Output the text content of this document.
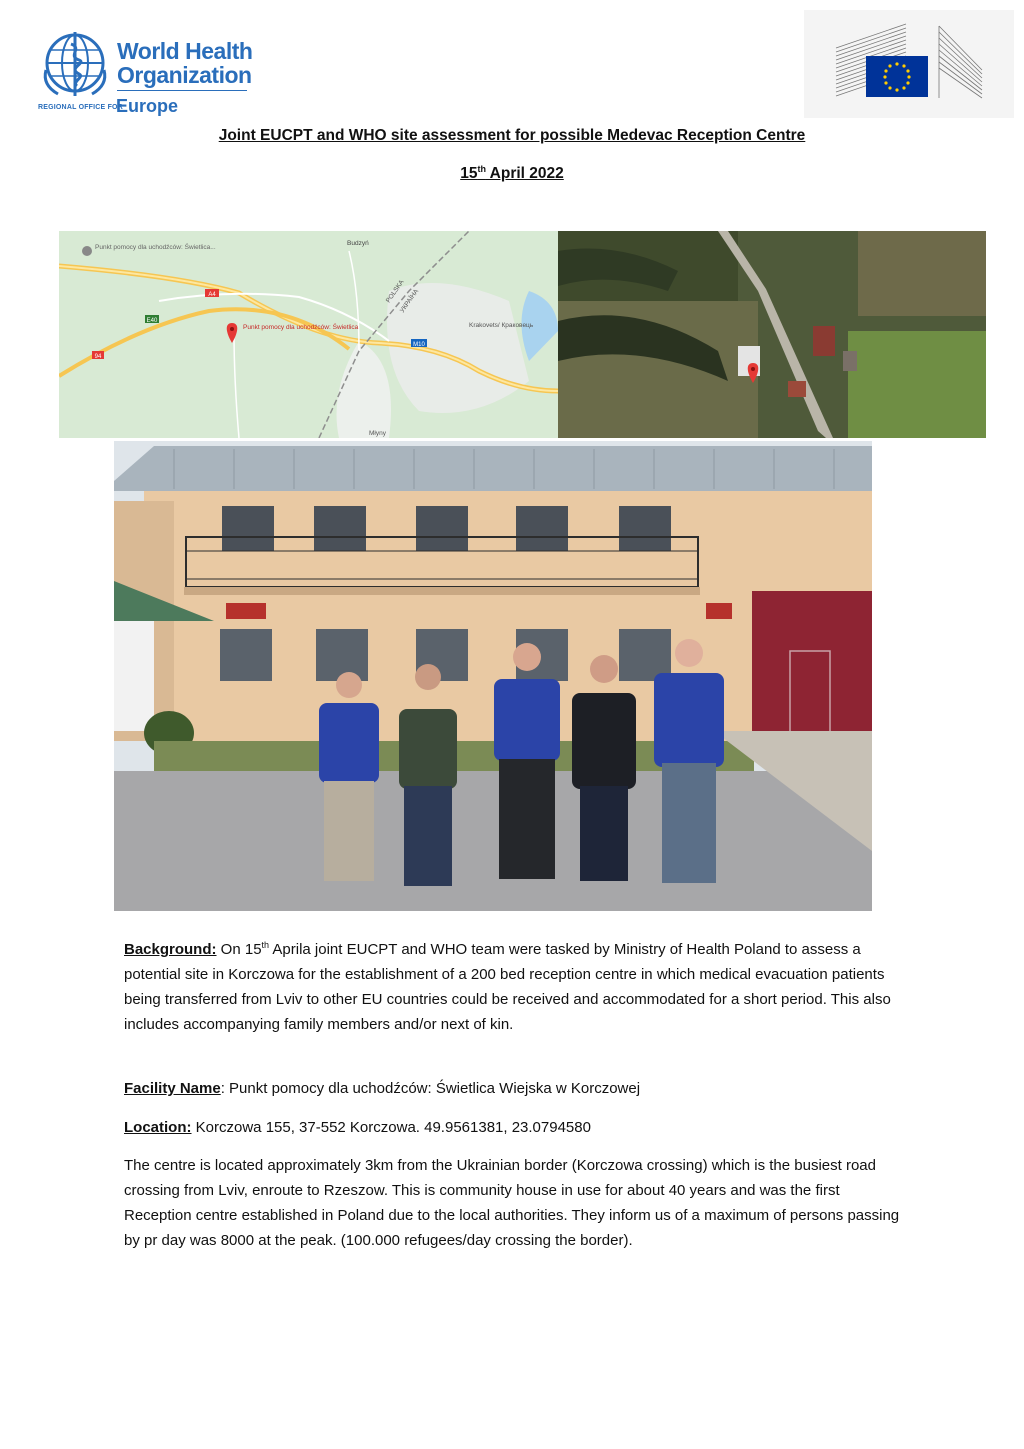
World Health
Organization
REGIONAL OFFICE FOR
Europe
Joint EUCPT and WHO site assessment for possible Medevac Reception Centre
15th April 2022
A4
E40
94
M10
Punkt pomocy dla uchodźców: Świetlica...
Budzyń
POLSKA
УКРАЇНА
Krakovets/ Краковець
Młyny
Punkt pomocy dla uchodźców: Świetlica
Background: On 15th Aprila joint EUCPT and WHO team were tasked by Ministry of Health Poland to assess a potential site in Korczowa for the establishment of a 200 bed reception centre in which medical evacuation patients being transferred from Lviv to other EU countries could be received and accommodated for a short period. This also includes accompanying family members and/or next of kin.
Facility Name: Punkt pomocy dla uchodźców: Świetlica Wiejska w Korczowej
Location: Korczowa 155, 37-552 Korczowa. 49.9561381, 23.0794580
The centre is located approximately 3km from the Ukrainian border (Korczowa crossing) which is the busiest road crossing from Lviv, enroute to Rzeszow. This is community house in use for about 40 years and was the first Reception centre established in Poland due to the local authorities. They inform us of a maximum of persons passing by pr day was 8000 at the peak. (100.000 refugees/day crossing the border).
